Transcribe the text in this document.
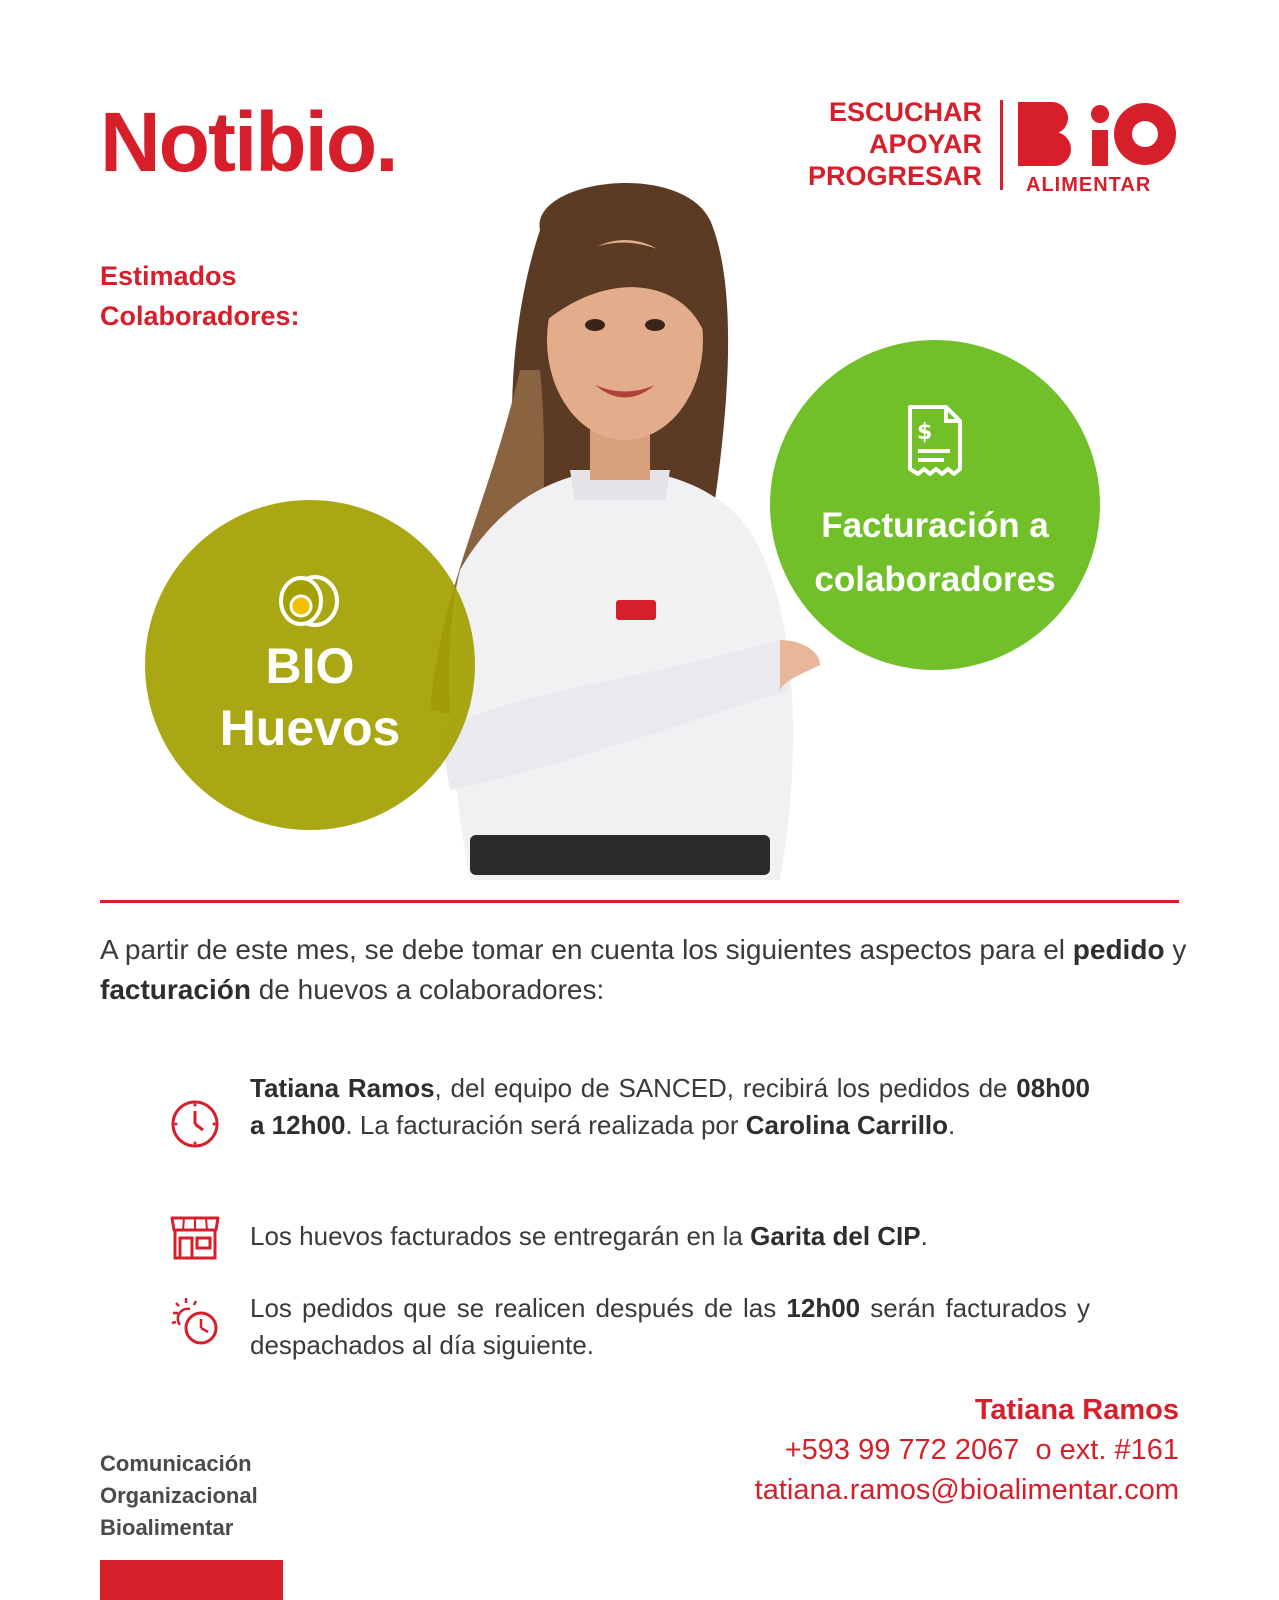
Notibio.	ESCUCHAR
APOYAR
PROGRESAR ALIMENTAR
Estimados
Colaboradores:
BIO
Huevos
$
Facturación a
colaboradores
A partir de este mes, se debe tomar en cuenta los siguientes aspectos para el pedido y facturación de huevos a colaboradores:
Tatiana Ramos, del equipo de SANCED, recibirá los pedidos de 08h00 a 12h00. La facturación será realizada por Carolina Carrillo.
Los huevos facturados se entregarán en la Garita del CIP.
Los pedidos que se realicen después de las 12h00 serán facturados y despachados al día siguiente.
Tatiana Ramos
+593 99 772 2067  o ext. #161
tatiana.ramos@bioalimentar.com
Comunicación
Organizacional
Bioalimentar
